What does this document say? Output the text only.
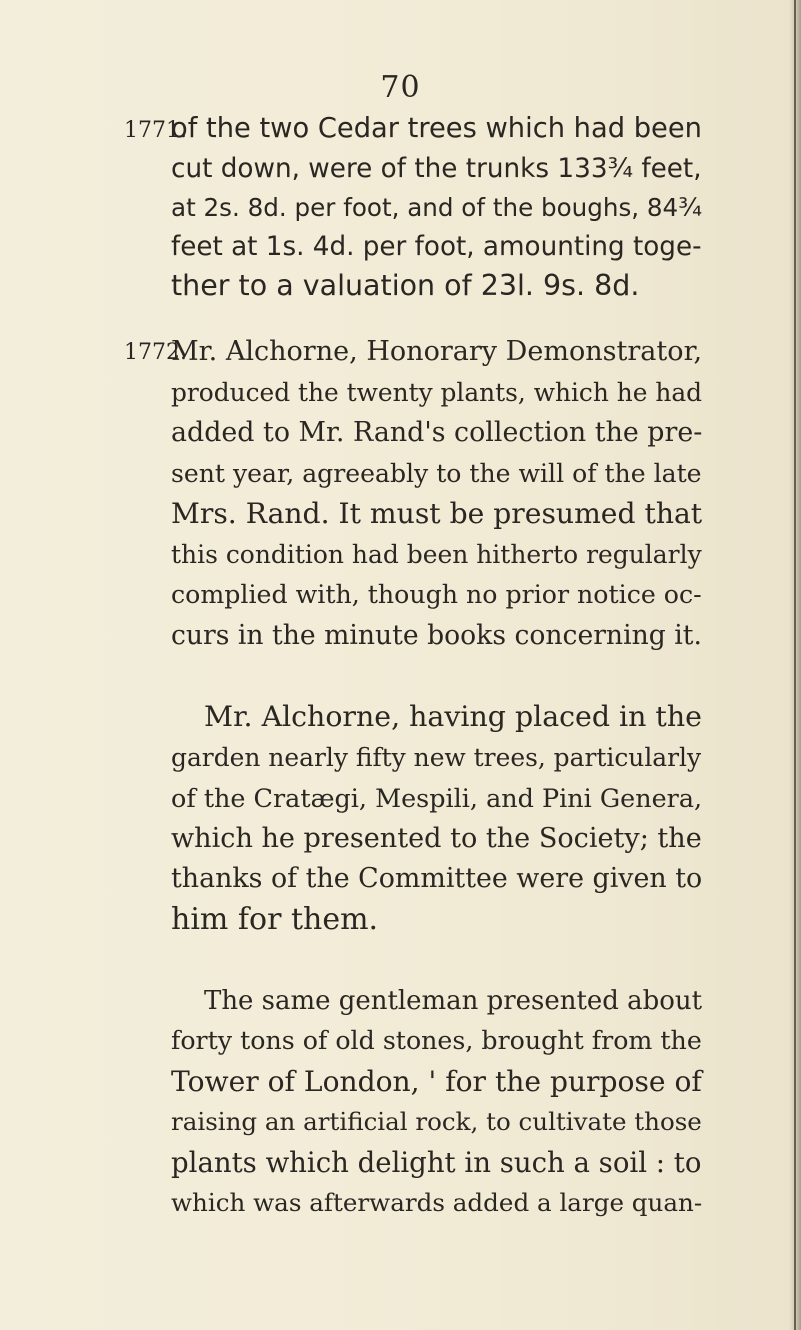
70
1771.
of the two Cedar trees which had been
cut down, were of the trunks 133¾ feet,
at 2s. 8d. per foot, and of the boughs, 84¾
feet at 1s. 4d. per foot, amounting toge-
ther to a valuation of 23l. 9s. 8d.
1772.
Mr. Alchorne, Honorary Demonstrator,
produced the twenty plants, which he had
added to Mr. Rand's collection the pre-
sent year, agreeably to the will of the late
Mrs. Rand. It must be presumed that
this condition had been hitherto regularly
complied with, though no prior notice oc-
curs in the minute books concerning it.
Mr. Alchorne, having placed in the
garden nearly fifty new trees, particularly
of the Cratægi, Mespili, and Pini Genera,
which he presented to the Society; the
thanks of the Committee were given to
him for them.
The same gentleman presented about
forty tons of old stones, brought from the
Tower of London, ' for the purpose of
raising an artificial rock, to cultivate those
plants which delight in such a soil : to
which was afterwards added a large quan-
